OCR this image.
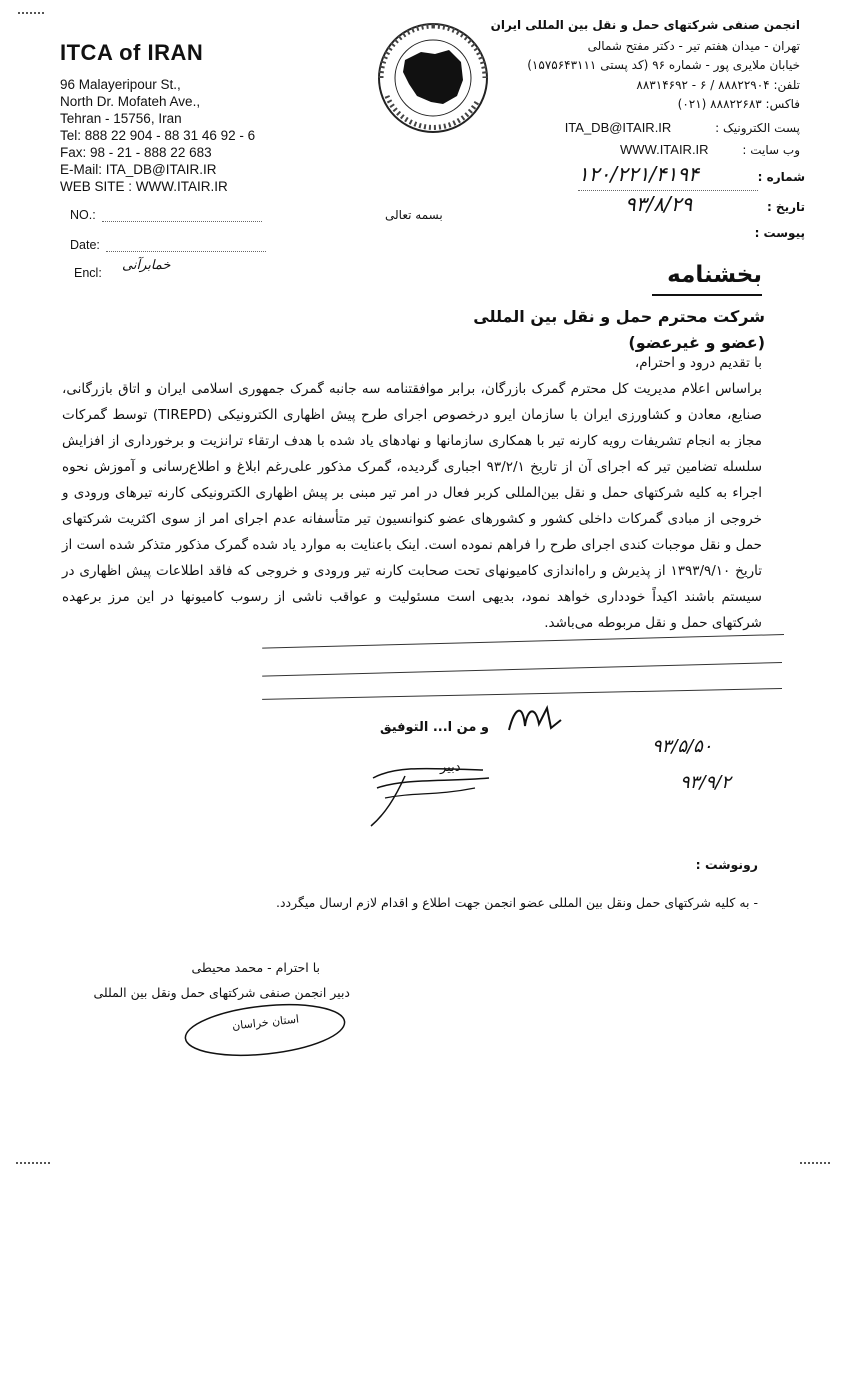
ITCA of IRAN
96 Malayeripour St.,
North Dr. Mofateh Ave.,
Tehran - 15756, Iran
Tel: 888 22 904 - 88 31 46 92 - 6
Fax: 98 - 21 - 888 22 683
E-Mail: ITA_DB@ITAIR.IR
WEB SITE : WWW.ITAIR.IR
انجمن صنفی شرکتهای حمل و نقل بین المللی ایران
تهران - میدان هفتم تیر - دکتر مفتح شمالی
خیابان ملایری پور - شماره ۹۶ (کد پستی ۱۵۷۵۶۴۳۱۱۱)
تلفن: ۸۸۸۲۲۹۰۴ / ۶ - ۸۸۳۱۴۶۹۲
فاکس: ۸۸۸۲۲۶۸۳ (۰۲۱)
پست الکترونیک : ITA_DB@ITAIR.IR
وب سایت : WWW.ITAIR.IR
شماره :
۱۲۰/۲۲۱/۴۱۹۴
تاریخ :
۹۳/۸/۲۹
پیوست :
بسمه تعالی
NO.:
Date:
Encl: خمابرآنی	بخشنامه
شرکت محترم حمل و نقل بین المللی
(عضو و غیرعضو)
با تقدیم درود و احترام،
براساس اعلام مدیریت کل محترم گمرک بازرگان، برابر موافقتنامه سه جانبه گمرک جمهوری اسلامی ایران و اتاق بازرگانی، صنایع، معادن و کشاورزی ایران با سازمان ایرو درخصوص اجرای طرح پیش اظهاری الکترونیکی (TIREPD) توسط گمرکات مجاز به انجام تشریفات رویه کارنه تیر با همکاری سازمانها و نهادهای یاد شده با هدف ارتقاء ترانزیت و برخورداری از افزایش سلسله تضامین تیر که اجرای آن از تاریخ ۹۳/۲/۱ اجباری گردیده، گمرک مذکور علی‌رغم ابلاغ و اطلاع‌رسانی و آموزش نحوه اجراء به کلیه شرکتهای حمل و نقل بین‌المللی کربر فعال در امر تیر مبنی بر پیش اظهاری الکترونیکی کارنه تیرهای ورودی و خروجی از مبادی گمرکات داخلی کشور و کشورهای عضو کنوانسیون تیر متأسفانه عدم اجرای امر از سوی اکثریت شرکتهای حمل و نقل موجبات کندی اجرای طرح را فراهم نموده است. اینک باعنایت به موارد یاد شده گمرک مذکور متذکر شده است از تاریخ ۱۳۹۳/۹/۱۰ از پذیرش و راه‌اندازی کامیونهای تحت صحابت کارنه تیر ورودی و خروجی که فاقد اطلاعات پیش اظهاری در سیستم باشند اکیداً خودداری خواهد نمود، بدیهی است مسئولیت و عواقب ناشی از رسوب کامیونها در این مرز برعهده شرکتهای حمل و نقل مربوطه می‌باشد.
و من ا... التوفیق
دبیر
۹۳/۵/۵۰
۹۳/۹/۲
رونوشت :
- به کلیه شرکتهای حمل ونقل بین المللی عضو انجمن جهت اطلاع و اقدام لازم ارسال میگردد.
با احترام - محمد محیطی
دبیر انجمن صنفی شرکتهای حمل ونقل بین المللی
استان خراسان
